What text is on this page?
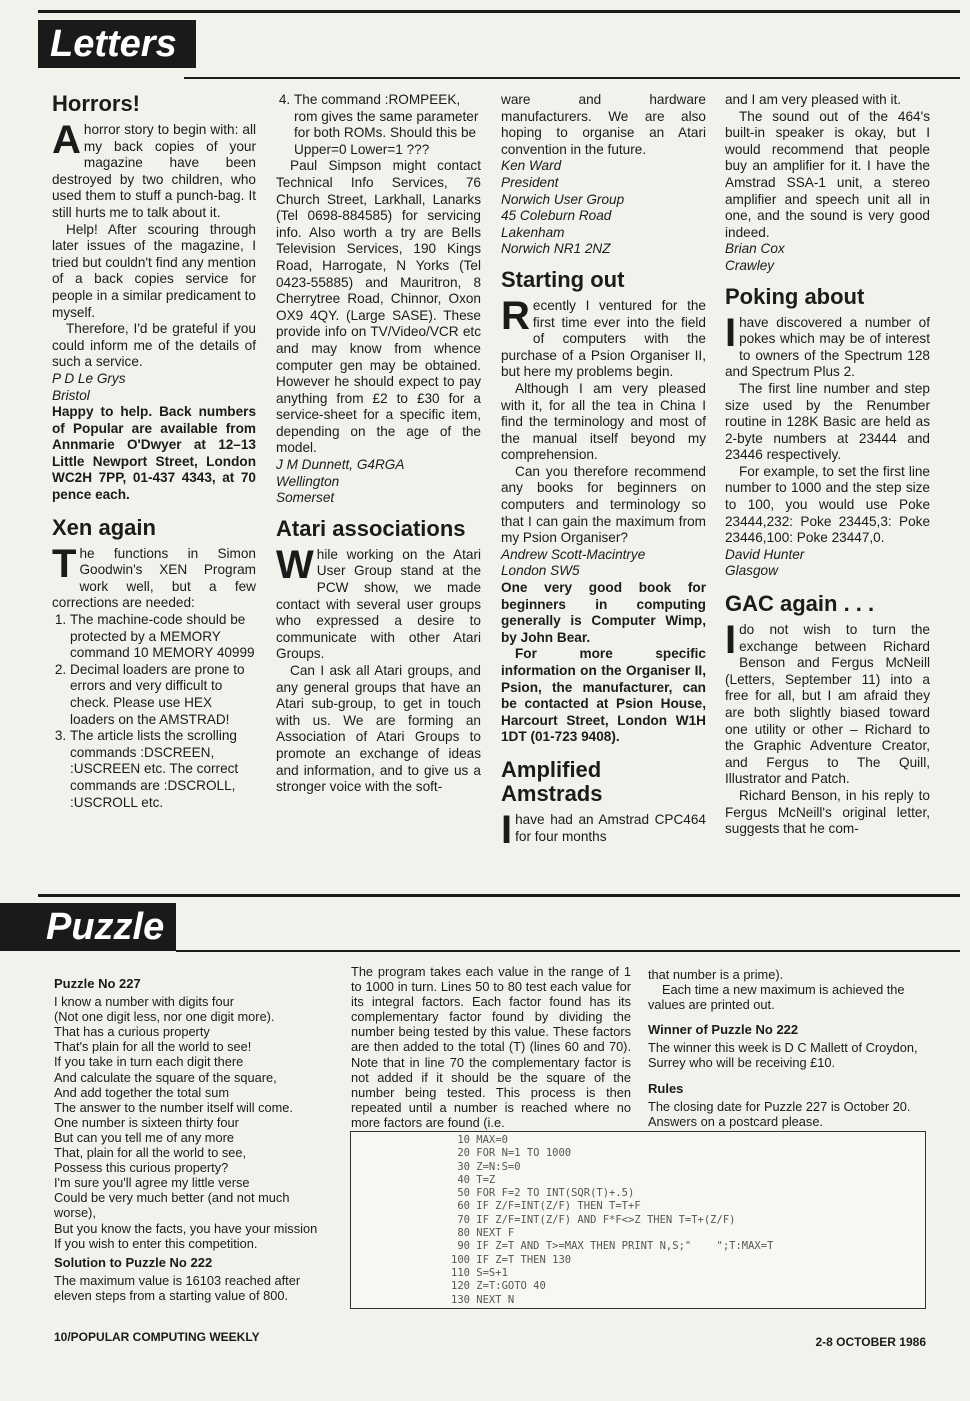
Letters
Horrors!

Ahorror story to begin with: all my back copies of your magazine have been destroyed by two children, who used them to stuff a punch-bag. It still hurts me to talk about it.

Help! After scouring through later issues of the magazine, I tried but couldn't find any mention of a back copies service for people in a similar predicament to myself.

Therefore, I'd be grateful if you could inform me of the details of such a service.

P D Le Grys

Bristol

Happy to help. Back numbers of Popular are available from Annmarie O'Dwyer at 12–13 Little Newport Street, London WC2H 7PP, 01-437 4343, at 70 pence each.

Xen again

The functions in Simon Goodwin's XEN Program work well, but a few corrections are needed:

1. The machine-code should be protected by a MEMORY command 10 MEMORY 40999
2. Decimal loaders are prone to errors and very difficult to check. Please use HEX loaders on the AMSTRAD!
3. The article lists the scrolling commands :DSCREEN, :USCREEN etc. The correct commands are :DSCROLL, :USCROLL etc.
4. The command :ROMPEEK, rom gives the same parameter for both ROMs. Should this be Upper=0 Lower=1 ???

Paul Simpson might contact Technical Info Services, 76 Church Street, Larkhall, Lanarks (Tel 0698-884585) for servicing info. Also worth a try are Bells Television Services, 190 Kings Road, Harrogate, N Yorks (Tel 0423-55885) and Mauritron, 8 Cherrytree Road, Chinnor, Oxon OX9 4QY. (Large SASE). These provide info on TV/Video/VCR etc and may know from whence computer gen may be obtained. However he should expect to pay anything from £2 to £30 for a service-sheet for a specific item, depending on the age of the model.

J M Dunnett, G4RGA

Wellington

Somerset

Atari associations

While working on the Atari User Group stand at the PCW show, we made contact with several user groups who expressed a desire to communicate with other Atari Groups.

Can I ask all Atari groups, and any general groups that have an Atari sub-group, to get in touch with us. We are forming an Association of Atari Groups to promote an exchange of ideas and information, and to give us a stronger voice with the soft-

ware and hardware manufacturers. We are also hoping to organise an Atari convention in the future.

Ken Ward

President

Norwich User Group

45 Coleburn Road

Lakenham

Norwich NR1 2NZ

Starting out

Recently I ventured for the first time ever into the field of computers with the purchase of a Psion Organiser II, but here my problems begin.

Although I am very pleased with it, for all the tea in China I find the terminology and most of the manual itself beyond my comprehension.

Can you therefore recommend any books for beginners on computers and terminology so that I can gain the maximum from my Psion Organiser?

Andrew Scott-Macintrye

London SW5

One very good book for beginners in computing generally is Computer Wimp, by John Bear.

For more specific information on the Organiser II, Psion, the manufacturer, can be contacted at Psion House, Harcourt Street, London W1H 1DT (01-723 9408).

Amplified Amstrads

Ihave had an Amstrad CPC464 for four months

and I am very pleased with it.

The sound out of the 464's built-in speaker is okay, but I would recommend that people buy an amplifier for it. I have the Amstrad SSA-1 unit, a stereo amplifier and speech unit all in one, and the sound is very good indeed.

Brian Cox

Crawley

Poking about

Ihave discovered a number of pokes which may be of interest to owners of the Spectrum 128 and Spectrum Plus 2.

The first line number and step size used by the Renumber routine in 128K Basic are held as 2-byte numbers at 23444 and 23446 respectively.

For example, to set the first line number to 1000 and the step size to 100, you would use Poke 23444,232: Poke 23445,3: Poke 23446,100: Poke 23447,0.

David Hunter

Glasgow

GAC again . . .

Ido not wish to turn the exchange between Richard Benson and Fergus McNeill (Letters, September 11) into a free for all, but I am afraid they are both slightly biased toward one utility or other – Richard to the Graphic Adventure Creator, and Fergus to The Quill, Illustrator and Patch.

Richard Benson, in his reply to Fergus McNeill's original letter, suggests that he com-

Puzzle
Puzzle No 227

I know a number with digits four

(Not one digit less, nor one digit more).

That has a curious property

That's plain for all the world to see!

If you take in turn each digit there

And calculate the square of the square,

And add together the total sum

The answer to the number itself will come.

One number is sixteen thirty four

But can you tell me of any more

That, plain for all the world to see,

Possess this curious property?

I'm sure you'll agree my little verse

Could be very much better (and not much worse),

But you know the facts, you have your mission

If you wish to enter this competition.

Solution to Puzzle No 222

The maximum value is 16103 reached after eleven steps from a starting value of 800.

The program takes each value in the range of 1 to 1000 in turn. Lines 50 to 80 test each value for its integral factors. Each factor found has its complementary factor found by dividing the number being tested by this value. These factors are then added to the total (T) (lines 60 and 70). Note that in line 70 the complementary factor is not added if it should be the square of the number being tested. This process is then repeated until a number is reached where no more factors are found (i.e.

that number is a prime).

Each time a new maximum is achieved the values are printed out.

Winner of Puzzle No 222

The winner this week is D C Mallett of Croydon, Surrey who will be receiving £10.

Rules

The closing date for Puzzle 227 is October 20. Answers on a postcard please.

10 MAX=0
20 FOR N=1 TO 1000
30 Z=N:S=0
40 T=Z
50 FOR F=2 TO INT(SQR(T)+.5)
60 IF Z/F=INT(Z/F) THEN T=T+F
70 IF Z/F=INT(Z/F) AND F*F<>Z THEN T=T+(Z/F)
80 NEXT F
90 IF Z=T AND T>=MAX THEN PRINT N,S;"    ";T:MAX=T
100 IF Z=T THEN 130
110 S=S+1
120 Z=T:GOTO 40
130 NEXT N
10/POPULAR COMPUTING WEEKLY	2-8 OCTOBER 1986
